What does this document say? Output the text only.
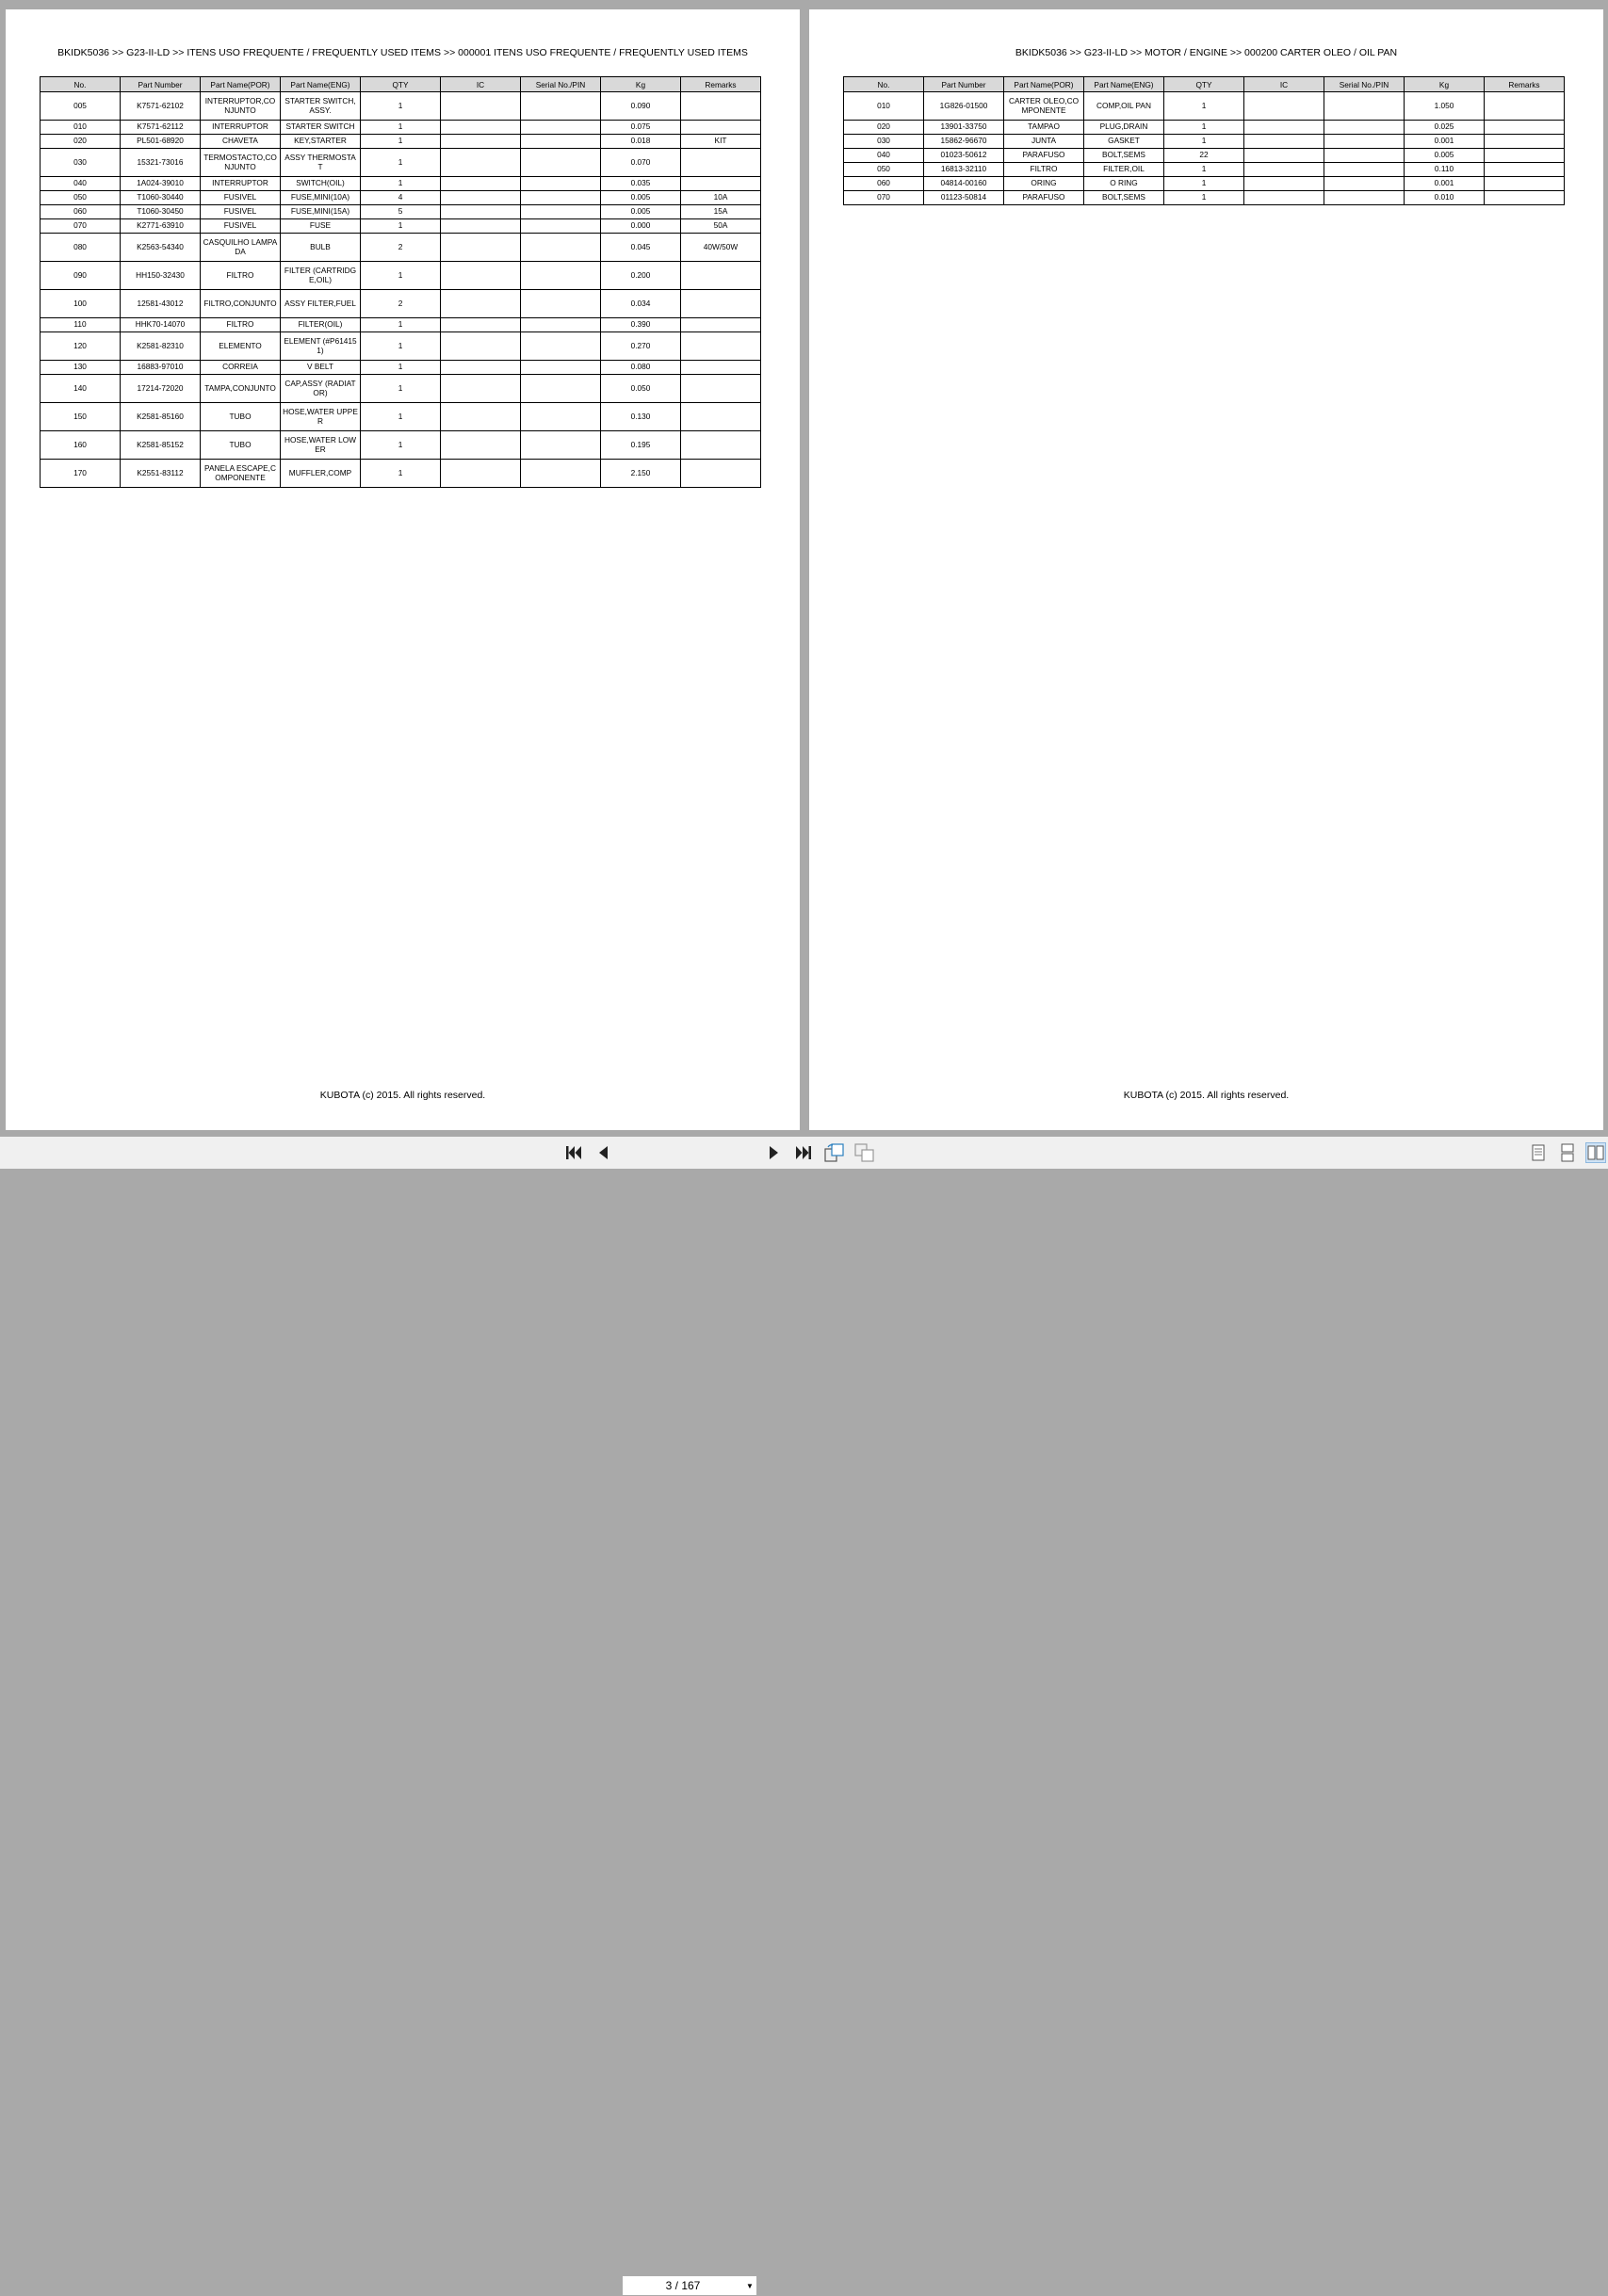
BKIDK5036 >> G23-II-LD >> ITENS USO FREQUENTE / FREQUENTLY USED ITEMS >> 000001 ITENS USO FREQUENTE / FREQUENTLY USED ITEMS
No.	Part Number	Part Name(POR)	Part Name(ENG)	QTY	IC	Serial No./PIN	Kg	Remarks
005	K7571-62102	INTERRUPTOR,CONJUNTO	STARTER SWITCH,ASSY.	1			0.090	
010	K7571-62112	INTERRUPTOR	STARTER SWITCH	1			0.075	
020	PL501-68920	CHAVETA	KEY,STARTER	1			0.018	KIT
030	15321-73016	TERMOSTACTO,CONJUNTO	ASSY THERMOSTAT	1			0.070	
040	1A024-39010	INTERRUPTOR	SWITCH(OIL)	1			0.035	
050	T1060-30440	FUSIVEL	FUSE,MINI(10A)	4			0.005	10A
060	T1060-30450	FUSIVEL	FUSE,MINI(15A)	5			0.005	15A
070	K2771-63910	FUSIVEL	FUSE	1			0.000	50A
080	K2563-54340	CASQUILHO LAMPADA	BULB	2			0.045	40W/50W
090	HH150-32430	FILTRO	FILTER (CARTRIDGE,OIL)	1			0.200	
100	12581-43012	FILTRO,CONJUNTO	ASSY FILTER,FUEL	2			0.034	
110	HHK70-14070	FILTRO	FILTER(OIL)	1			0.390	
120	K2581-82310	ELEMENTO	ELEMENT (#P614151)	1			0.270	
130	16883-97010	CORREIA	V BELT	1			0.080	
140	17214-72020	TAMPA,CONJUNTO	CAP,ASSY (RADIATOR)	1			0.050	
150	K2581-85160	TUBO	HOSE,WATER UPPER	1			0.130	
160	K2581-85152	TUBO	HOSE,WATER LOWER	1			0.195	
170	K2551-83112	PANELA ESCAPE,COMPONENTE	MUFFLER,COMP	1			2.150	
KUBOTA (c) 2015. All rights reserved.
BKIDK5036 >> G23-II-LD >> MOTOR / ENGINE >> 000200 CARTER OLEO / OIL PAN
No.	Part Number	Part Name(POR)	Part Name(ENG)	QTY	IC	Serial No./PIN	Kg	Remarks
010	1G826-01500	CARTER OLEO,COMPONENTE	COMP,OIL PAN	1			1.050	
020	13901-33750	TAMPAO	PLUG,DRAIN	1			0.025	
030	15862-96670	JUNTA	GASKET	1			0.001	
040	01023-50612	PARAFUSO	BOLT,SEMS	22			0.005	
050	16813-32110	FILTRO	FILTER,OIL	1			0.110	
060	04814-00160	ORING	O RING	1			0.001	
070	01123-50814	PARAFUSO	BOLT,SEMS	1			0.010	
KUBOTA (c) 2015. All rights reserved.
3 / 167	▼
